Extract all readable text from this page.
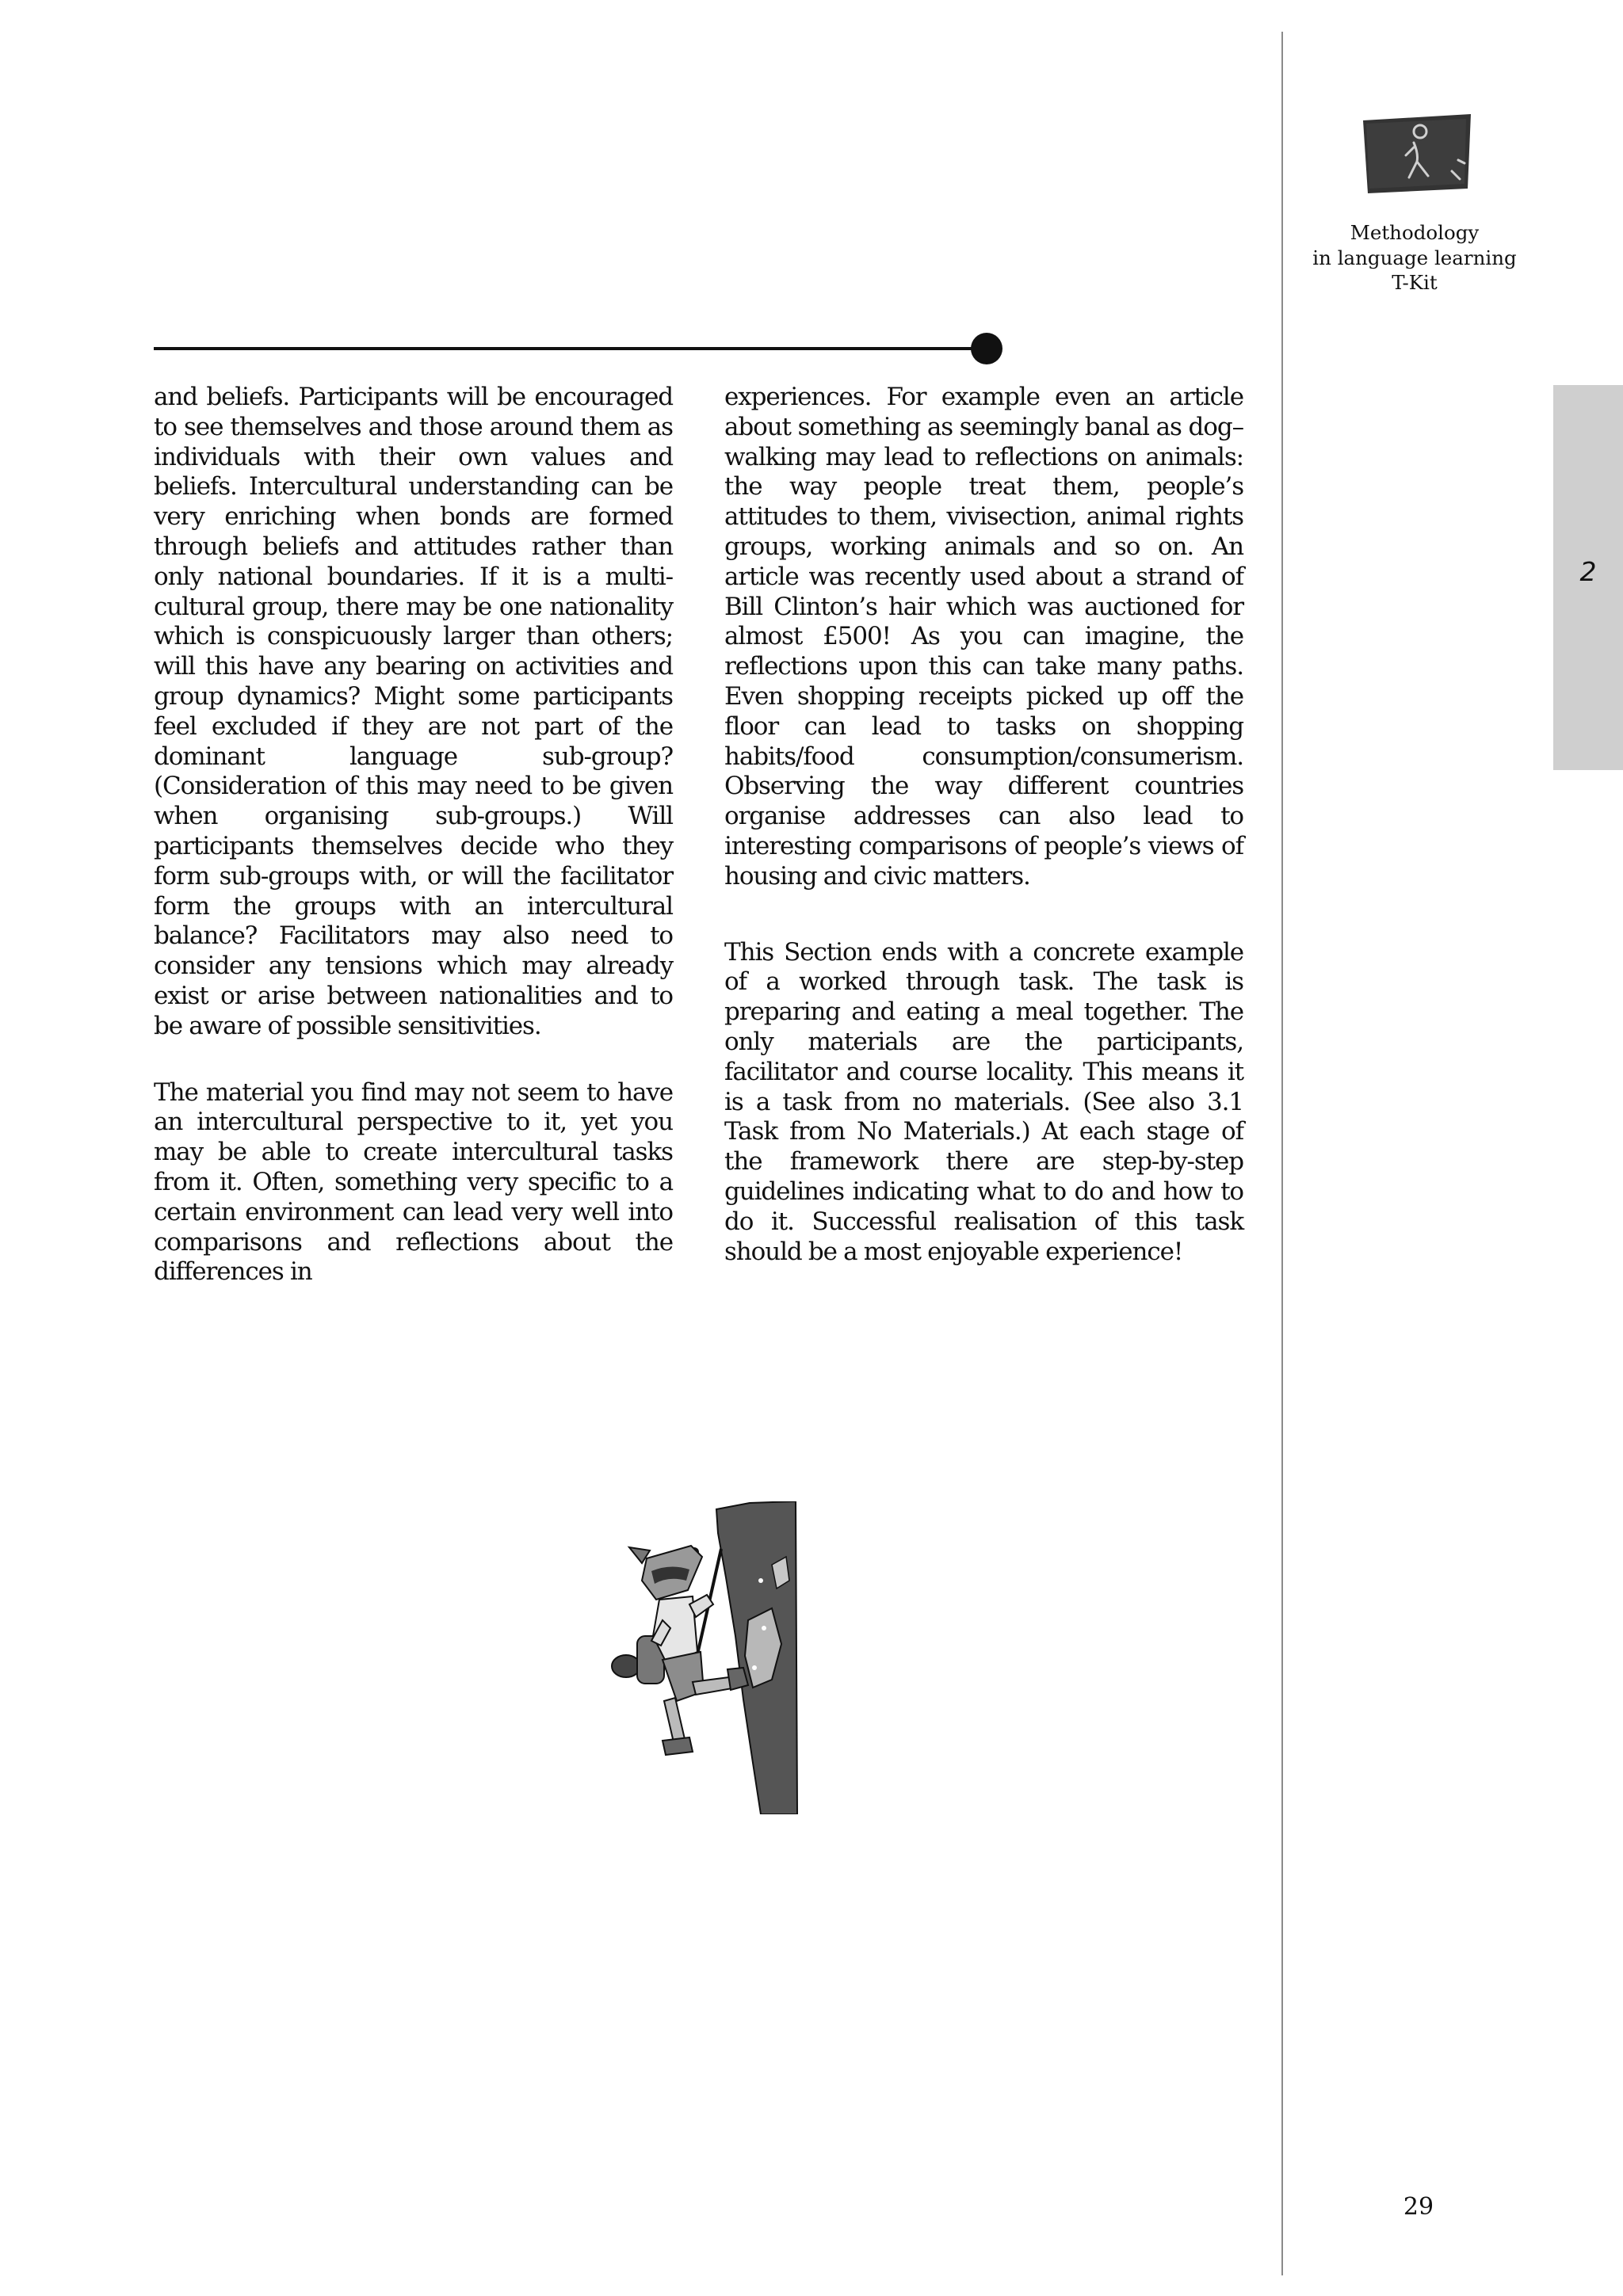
Methodology
in language learning
T-Kit
2

and beliefs. Participants will be encouraged to see themselves and those around them as individuals with their own values and beliefs. Intercultural understanding can be very enriching when bonds are formed through beliefs and attitudes rather than only national boundaries. If it is a multi-cultural group, there may be one nationality which is conspicuously larger than others; will this have any bearing on activities and group dynamics? Might some participants feel excluded if they are not part of the dominant language sub-group? (Consideration of this may need to be given when organising sub-groups.) Will participants themselves decide who they form sub-groups with, or will the facilitator form the groups with an intercultural balance? Facilitators may also need to consider any tensions which may already exist or arise between nationalities and to be aware of possible sensitivities.

The material you find may not seem to have an intercultural perspective to it, yet you may be able to create intercultural tasks from it. Often, something very specific to a certain environment can lead very well into comparisons and reflections about the differences in

experiences. For example even an article about something as seemingly banal as dog–walking may lead to reflections on animals: the way people treat them, people’s attitudes to them, vivisection, animal rights groups, working animals and so on. An article was recently used about a strand of Bill Clinton’s hair which was auctioned for almost £500! As you can imagine, the reflections upon this can take many paths. Even shopping receipts picked up off the floor can lead to tasks on shopping habits/food consumption/consumerism. Observing the way different countries organise addresses can also lead to interesting comparisons of people’s views of housing and civic matters.

This Section ends with a concrete example of a worked through task. The task is preparing and eating a meal together. The only materials are the participants, facilitator and course locality. This means it is a task from no materials. (See also 3.1 Task from No Materials.) At each stage of the framework there are step-by-step guidelines indicating what to do and how to do it. Successful realisation of this task should be a most enjoyable experience!

29
